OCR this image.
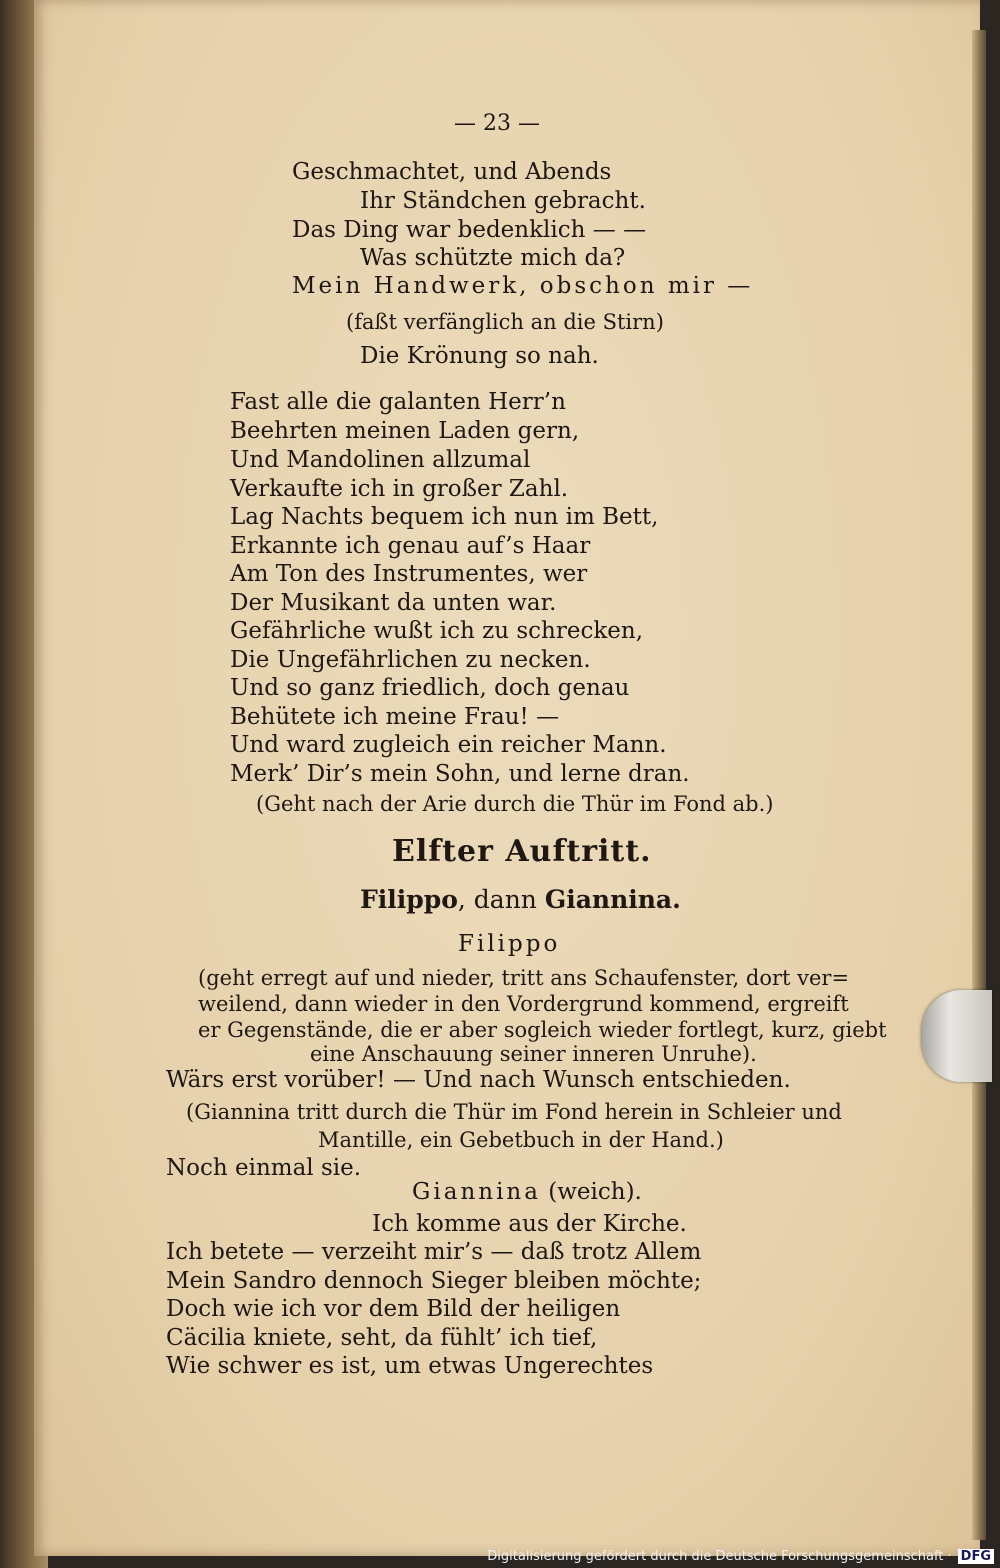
— 23 —
Geschmachtet, und Abends
Ihr Ständchen gebracht.
Das Ding war bedenklich — —
Was schützte mich da?
Mein Handwerk, obschon mir —
(faßt verfänglich an die Stirn)
Die Krönung so nah.
Fast alle die galanten Herr’n
Beehrten meinen Laden gern,
Und Mandolinen allzumal
Verkaufte ich in großer Zahl.
Lag Nachts bequem ich nun im Bett,
Erkannte ich genau auf’s Haar
Am Ton des Instrumentes, wer
Der Musikant da unten war.
Gefährliche wußt ich zu schrecken,
Die Ungefährlichen zu necken.
Und so ganz friedlich, doch genau
Behütete ich meine Frau! —
Und ward zugleich ein reicher Mann.
Merk’ Dir’s mein Sohn, und lerne dran.
(Geht nach der Arie durch die Thür im Fond ab.)
Elfter Auftritt.
Filippo, dann Giannina.
Filippo
(geht erregt auf und nieder, tritt ans Schaufenster, dort ver=
weilend, dann wieder in den Vordergrund kommend, ergreift
er Gegenstände, die er aber sogleich wieder fortlegt, kurz, giebt
eine Anschauung seiner inneren Unruhe).
Wärs erst vorüber! — Und nach Wunsch entschieden.
(Giannina tritt durch die Thür im Fond herein in Schleier und
Mantille, ein Gebetbuch in der Hand.)
Noch einmal sie.
Giannina (weich).
Ich komme aus der Kirche.
Ich betete — verzeiht mir’s — daß trotz Allem
Mein Sandro dennoch Sieger bleiben möchte;
Doch wie ich vor dem Bild der heiligen
Cäcilia kniete, seht, da fühlt’ ich tief,
Wie schwer es ist, um etwas Ungerechtes
Digitalisierung gefördert durch die Deutsche Forschungsgemeinschaft · DFG
